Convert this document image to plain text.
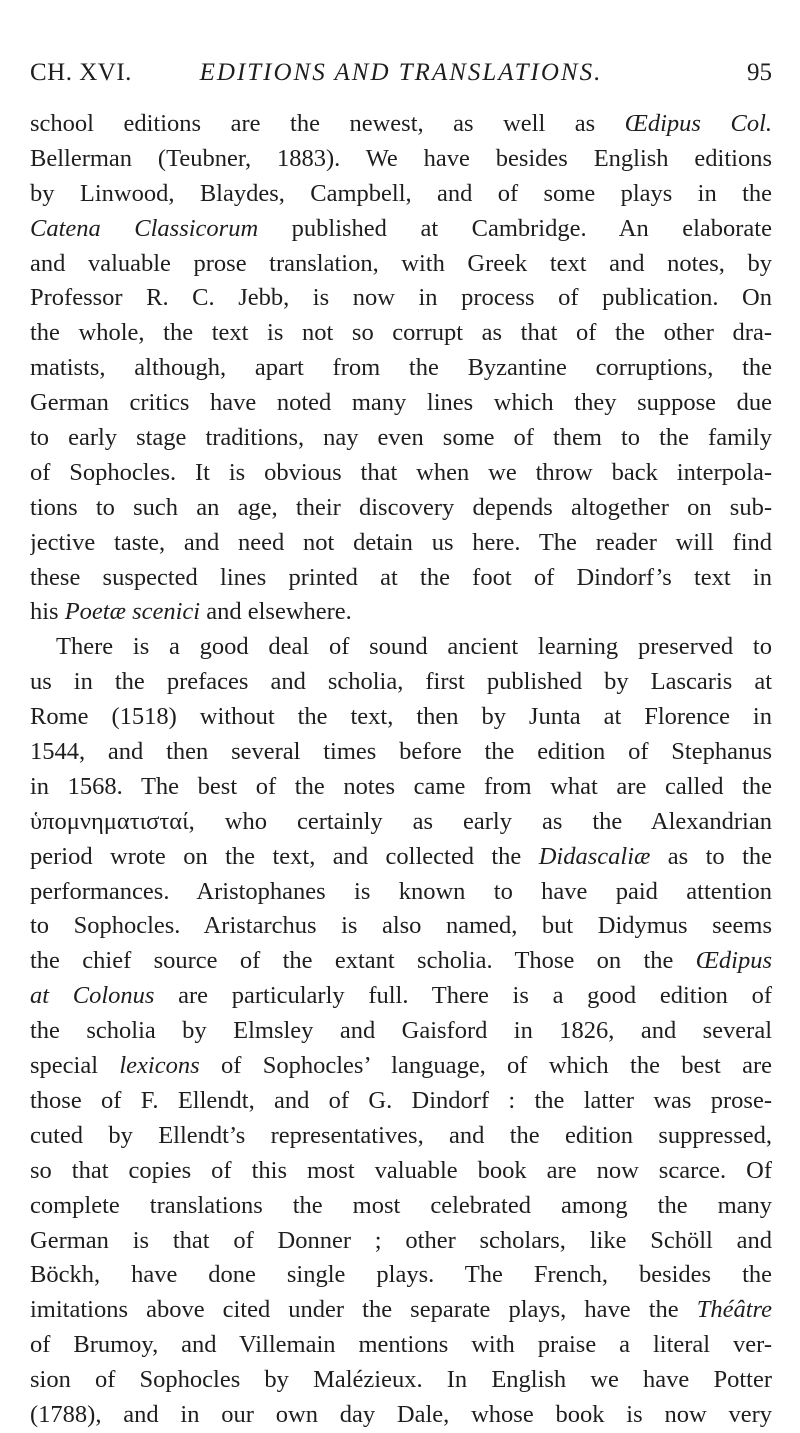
CH. XVI.	EDITIONS AND TRANSLATIONS.	95
school editions are the newest, as well as Œdipus Col.
Bellerman (Teubner, 1883). We have besides English editions
by Linwood, Blaydes, Campbell, and of some plays in the
Catena Classicorum published at Cambridge. An elaborate
and valuable prose translation, with Greek text and notes, by
Professor R. C. Jebb, is now in process of publication. On
the whole, the text is not so corrupt as that of the other dra-
matists, although, apart from the Byzantine corruptions, the
German critics have noted many lines which they suppose due
to early stage traditions, nay even some of them to the family
of Sophocles. It is obvious that when we throw back interpola-
tions to such an age, their discovery depends altogether on sub-
jective taste, and need not detain us here. The reader will find
these suspected lines printed at the foot of Dindorf’s text in
his Poetæ scenici and elsewhere.
There is a good deal of sound ancient learning preserved to
us in the prefaces and scholia, first published by Lascaris at
Rome (1518) without the text, then by Junta at Florence in
1544, and then several times before the edition of Stephanus
in 1568. The best of the notes came from what are called the
ὑπομνηματισταί, who certainly as early as the Alexandrian
period wrote on the text, and collected the Didascaliæ as to the
performances. Aristophanes is known to have paid attention
to Sophocles. Aristarchus is also named, but Didymus seems
the chief source of the extant scholia. Those on the Œdipus
at Colonus are particularly full. There is a good edition of
the scholia by Elmsley and Gaisford in 1826, and several
special lexicons of Sophocles’ language, of which the best are
those of F. Ellendt, and of G. Dindorf : the latter was prose-
cuted by Ellendt’s representatives, and the edition suppressed,
so that copies of this most valuable book are now scarce. Of
complete translations the most celebrated among the many
German is that of Donner ; other scholars, like Schöll and
Böckh, have done single plays. The French, besides the
imitations above cited under the separate plays, have the Théâtre
of Brumoy, and Villemain mentions with praise a literal ver-
sion of Sophocles by Malézieux. In English we have Potter
(1788), and in our own day Dale, whose book is now very
